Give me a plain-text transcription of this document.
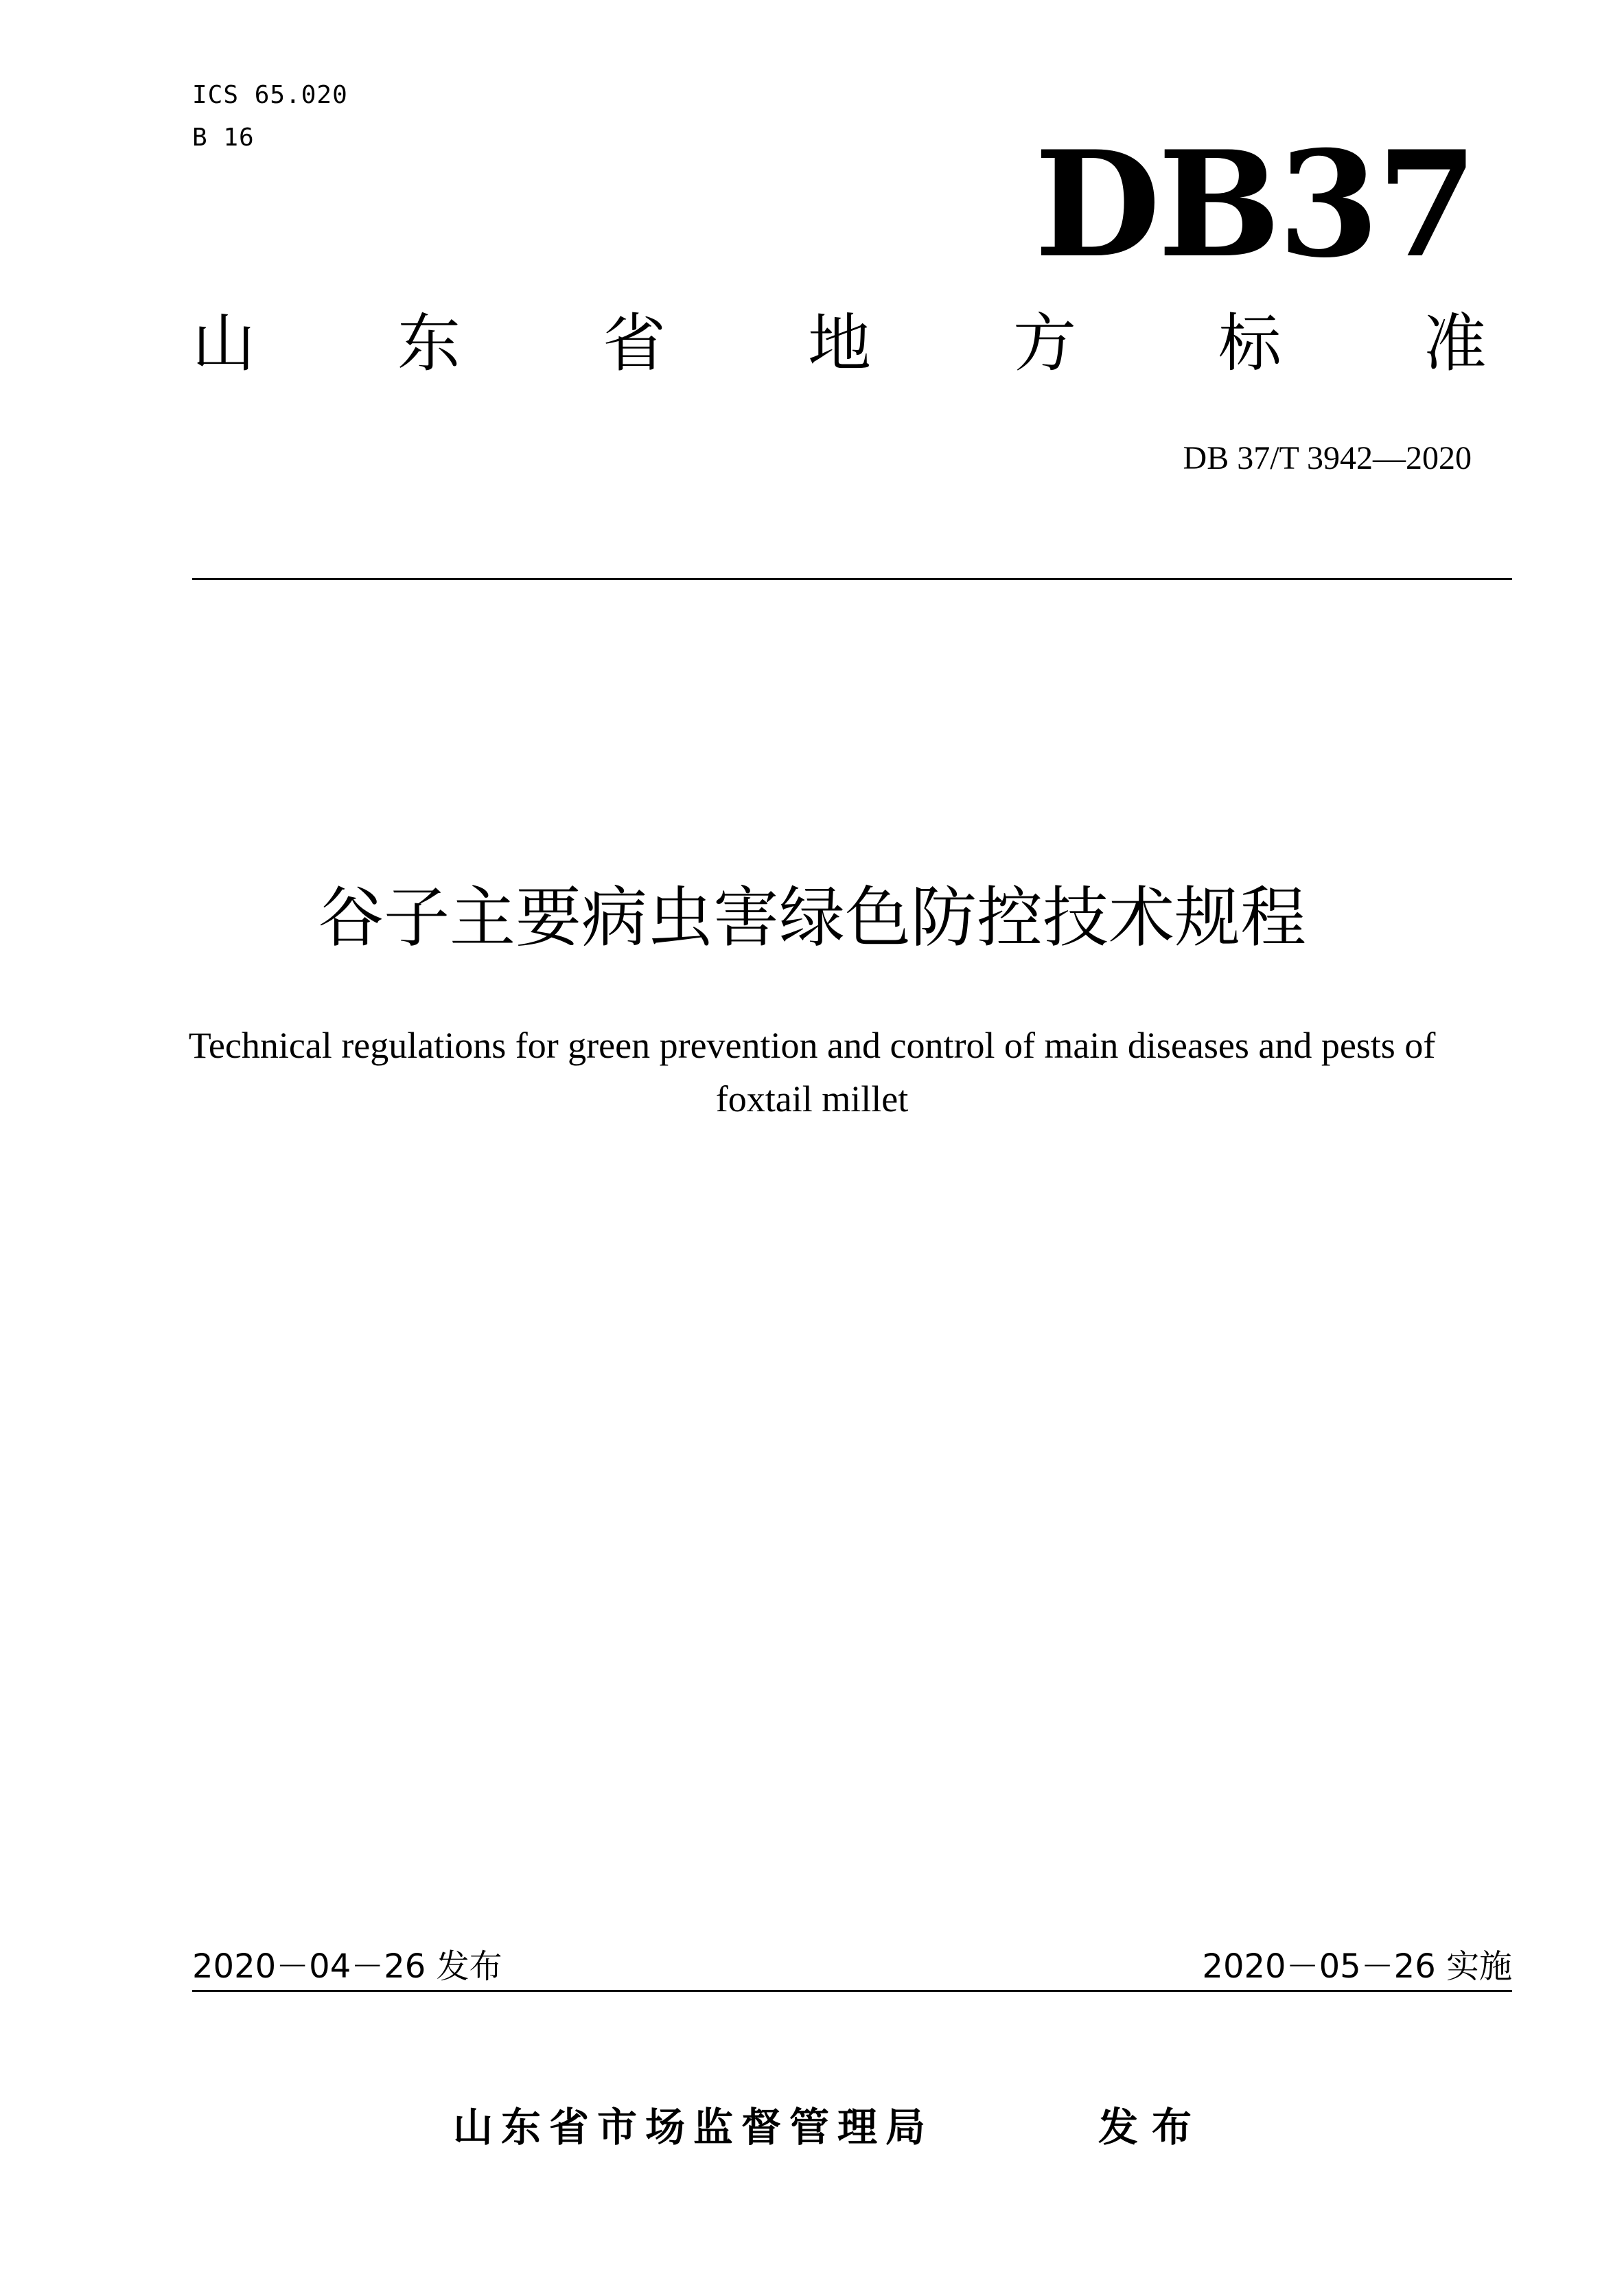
ICS 65.020
B 16	DB37
山 东 省 地 方 标 准
DB 37/T 3942—2020
谷子主要病虫害绿色防控技术规程
Technical regulations for green prevention and control of main diseases and pests of foxtail millet
2020－04－26 发布	2020－05－26 实施
山东省市场监督管理局	发布
